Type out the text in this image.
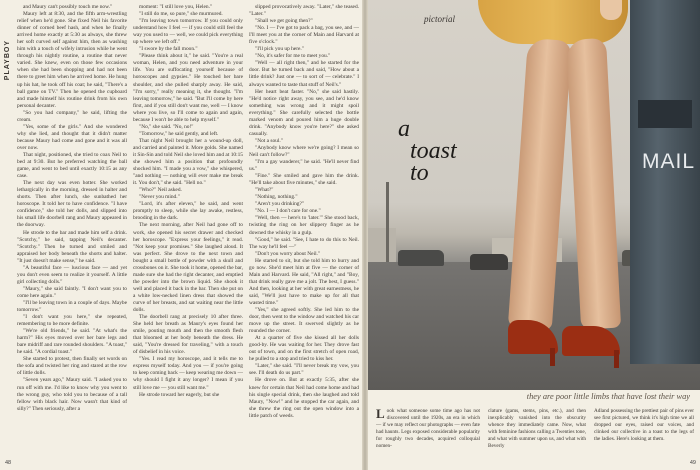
PLAYBOY

and Maury can't possibly touch me now."

Maury left at 8:30, and the fifth arm-wrestling relief when he'd gone. She fixed Neil his favorite dinner of corned beef hash, and when he finally arrived home exactly at 5:30 as always, she threw her soft curved self against him, then as washing him with a touch of wifely intrusion while he went through his nightly routine, a routine that never varied. She knew, even on those few occasions when she had been shopping and had not been there to greet him when he arrived home. He hung up his hat, he took off his coat; he said, "There's a ball game on TV." Then he opened the cupboard and made himself his routine drink from his own personal decanter.

"So you had company," he said, lifting the cream.

"Yes, some of the girls." And she wondered why she lied, and thought that it didn't matter because Maury had come and gone and it was all over now.

That night, positioned, she tried to coax Neil to bed at 9:30. But he preferred watching the ball game, and went to bed until exactly 10:15 as any case.

The next day was even hotter. She worked lethargically in the morning, dressed in halter and shorts. Then after lunch, she sunbathed her horoscope. It told her to have confidence. "I have confidence," she told her dolls, and slipped into his small life doorbell rang and Maury appeared in the doorway.

He strode to the bar and made him self a drink. "Scotchy," he said, tapping Neil's decanter. "Scotchy." Then he turned and smiled and appraised her body beneath the shorts and halter. "It just doesn't make sense," he said.

"A beautiful face — luscious face — and yet you don't even seem to realize it yourself. A little girl collecting dolls."

"Maury," she said faintly. "I don't want you to come here again."

"I'll be leaving town in a couple of days. Maybe tomorrow."

"I don't want you here," she repeated, remembering to be more definite.

"We're old friends," he said. "At what's the harm?" His eyes moved over her bare legs and bare midriff and rare rounded shoulders. "A toast," he said. "A cordial toast."

She started to protest, then finally set words on the sofa and twisted her ring and stared at the row of little dolls.

"Seven years ago," Maury said. "I asked you to run off with me. I'd like to know why you went to the wrong guy, who told you to because of a tall fellow with black hair. Now wasn't that kind of silly?" Then seriously, after a

moment: "I still love you, Helen."

"I still do me, so pure," she murmured.

"I'm leaving town tomorrow. If you could only understand how I feel — if you could still feel the way you used to — well, we could pick everything up where we left off."

"I swore by the fall moon."

"Please think about it," he said. "You're a real woman, Helen, and you need adventure in your life. You are suffocating yourself because of horoscopes and gypsies." He touched her bare shoulder, and she pulled sharply away. He said, "I'm sorry," really meaning it, she thought. "I'm leaving tomorrow," he said. "But I'll come by here first, and if you still don't want me, well — I know where you live, so I'll come to again and again, because I won't be able to help myself."

"No," she said. "No, no!"

"Tomorrow," he said gently, and left.

That night Neil brought her a wound-up doll, and carried and painted it. More golds. She named it Sin-Sin and told Neil she loved him and at 10:15 she showed him a position that profoundly shocked him. "I made you a vow," she whispered, "and nothing — nothing will ever make me break it. You don't," she said. "Hell no."

"Who?" Neil asked.

"Never you mind."

"Lord, it's after eleven," he said, and went promptly to sleep, while she lay awake, restless, brooding in the dark.

The next morning, after Neil had gone off to work, she opened his secret drawer and checked her horoscope. "Express your feelings," it read. "Not keep your promises." She laughed aloud. It was perfect. She drove to the next town and bought a small bottle of powder with a skull and crossbones on it. She took it home, opened the bar, made sure she had the right decanter, and emptied the powder into the brown liquid. She shook it well and placed it back in the bar. Then she put on a white low-necked linen dress that showed the curve of her breasts, and sat waiting near the little dolls.

The doorbell rang at precisely 10 after three. She held her breath as Maury's eyes found her smile, pouting mouth and then the smooth flesh that bloomed at her body beneath the dress. He said, "You're dressed for traveling," with a touch of disbelief in his voice.

"Yes. I read my horoscope, and it tells me to express myself today. And you — if you're going to keep coming back — keep wearing me down — why should I fight it any longer? I mean if you still love me — you still want me."

He strode toward her eagerly, but she

slipped provocatively away. "Later," she teased. "Later."

"Shall we get going then?"

"No. I — I've got to pack a bag, you see, and — I'll meet you at the corner of Main and Harvard at five o'clock."

"I'll pick you up here."

"No, it's safer for me to meet you."

"Well — all right then," and he started for the door. But he turned back and said, "How about a little drink? Just one — to sort of — celebrate." I always wanted to taste that stuff of Neil's."

Her heart beat faster. "No," she said hastily. "He'd notice right away, you see, and he'd know something was wrong and it might spoil everything." She carefully selected the bottle marked venom and poured him a huge double drink. "Anybody know you're here?" she asked casually.

"Not a soul."

"Anybody know where we're going? I mean so Neil can't follow?"

"I'm a gay wanderer," he said. "He'll never find us."

"Fine." She smiled and gave him the drink. "He'll take about five minutes," she said.

"What?"

"Nothing, nothing."

"Aren't you drinking?"

"No. I — I don't care for one."

"Well, then — here's to 'later.'" She stood back, twisting the ring on her slippery finger as he downed the whisky in a gulp.

"Good," he said. "See, I hate to do this to Neil. The way he'll feel —"

"Don't you worry about Neil."

He started to sit, but she told him to hurry and go now. She'd meet him at five — the corner of Main and Harvard. He said, "All right," and "Boy, that drink really gave me a jolt. The best, I guess." And then, looking at her with great earnestness, he said, "We'll just have to make up for all that wasted time."

"Yes," she agreed softly. She led him to the door, then went to the window and watched his car move up the street. It swerved slightly as he rounded the corner.

At a quarter of five she kissed all her dolls good-by. He was waiting for her. They drove fast out of town, and on the first stretch of open road, he pulled to a stop and tried to kiss her.

"Later," she said. "I'll never break my vow, you see. I'll death do us part."

He drove on. But at exactly 5:35, after she knew for certain that Neil had come home and had his single special drink, then she laughed and told Maury, "Now!" and he stopped the car again, and she threw the ring out the open window into a little patch of weeds.

48
MAIL
pictorial
a
toast
to
they are poor little limbs that have lost their way
Look what someone some time ago has not discovered until the 1920s, an era in which — if we may reflect our photographs — even fate had haunts. Legs exposed considerable popularity for roughly two decades, acquired colloquial nomen-
clature (gams, stems, pins, etc.), and then inexplicably vanished into the obscurity whence they immediately came. Now, what with feminine fashions calling a Twenties tone, and what with summer upon us, and what with Beverly
Adland possessing the prettiest pair of pins ever see first pictured, we think it's high time we all dropped our eyes, raised our voices, and clinked our collective in a toast to the legs of the ladies. Here's looking at them.
49
